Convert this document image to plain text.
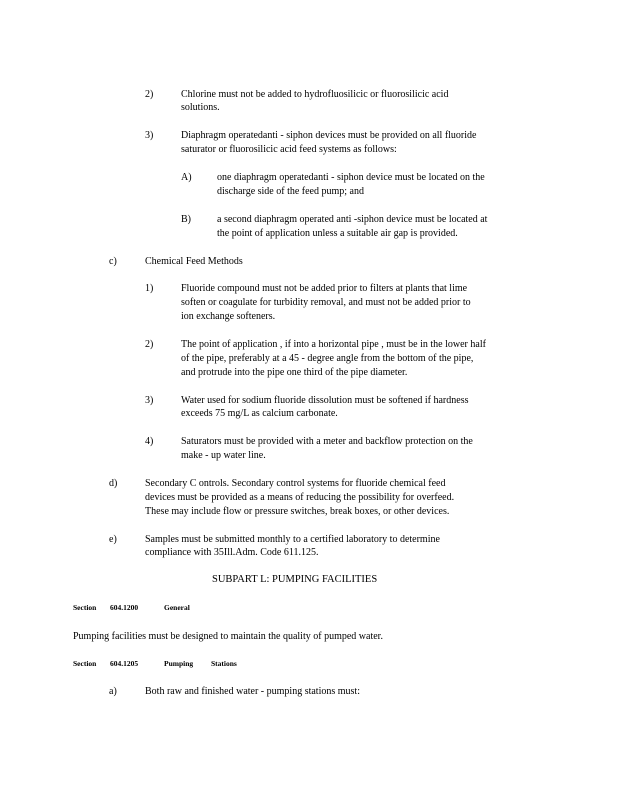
2)	Chlorine must not be added to hydrofluosilicic or fluorosilicic acid
solutions.
3)	Diaphragm operatedanti - siphon devices must be provided on all fluoride
saturator or fluorosilicic acid feed systems as follows:
A)	one diaphragm operatedanti - siphon device must be located on the
discharge side of the feed pump; and
B)	a second diaphragm operated anti -siphon device must be located at
the point of application unless a suitable air gap is provided.
c)	Chemical Feed Methods
1)	Fluoride compound must not be added prior to filters at plants that lime
soften or coagulate for turbidity removal, and must not be added prior to
ion exchange softeners.
2)	The point of application , if into a horizontal pipe , must be in the lower half
of the pipe, preferably at a 45 - degree angle from the bottom of the pipe,
and protrude into the pipe one third of the pipe diameter.
3)	Water used for sodium fluoride dissolution must be softened if hardness
exceeds 75 mg/L as calcium carbonate.
4)	Saturators must be provided with a meter and backflow protection on the
make - up water line.
d)	Secondary C ontrols. Secondary control systems for fluoride chemical feed
devices must be provided as a means of reducing the possibility for overfeed.
These may include flow or pressure switches, break boxes, or other devices.
e)	Samples must be submitted monthly to a certified laboratory to determine
compliance with 35Ill.Adm. Code 611.125.
SUBPART L: PUMPING FACILITIES
Section 604.1200	General
Pumping facilities must be designed to maintain the quality of pumped water.
Section 604.1205	Pumping Stations
a)	Both raw and finished water - pumping stations must:
